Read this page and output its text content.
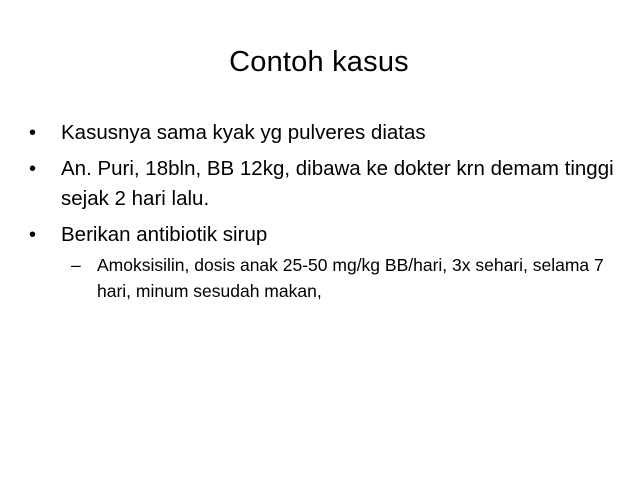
Contoh kasus
•	Kasusnya sama kyak yg pulveres diatas
•	An. Puri, 18bln, BB 12kg, dibawa ke dokter krn demam tinggi sejak 2 hari lalu.
•	Berikan antibiotik sirup
– Amoksisilin, dosis anak 25-50 mg/kg BB/hari, 3x sehari, selama 7 hari, minum sesudah makan,
